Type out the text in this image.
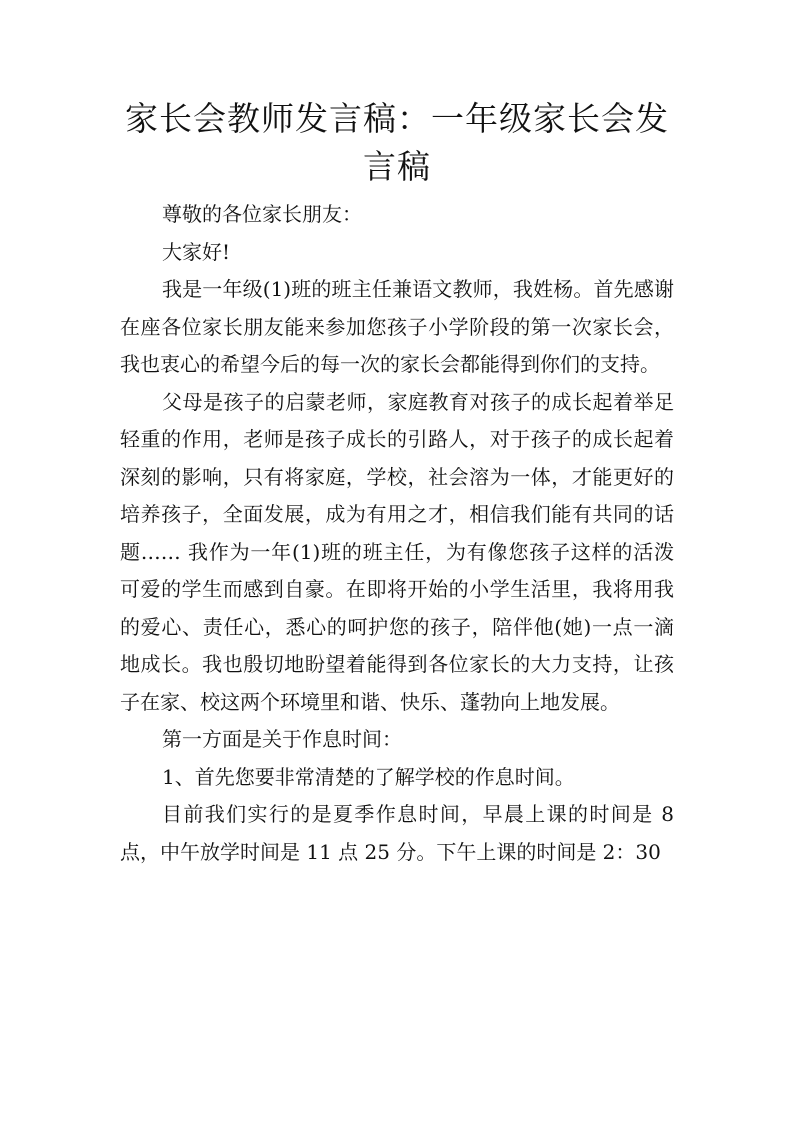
家长会教师发言稿：一年级家长会发言稿

尊敬的各位家长朋友：

大家好!

我是一年级(1)班的班主任兼语文教师，我姓杨。首先感谢在座各位家长朋友能来参加您孩子小学阶段的第一次家长会，我也衷心的希望今后的每一次的家长会都能得到你们的支持。

父母是孩子的启蒙老师，家庭教育对孩子的成长起着举足轻重的作用，老师是孩子成长的引路人，对于孩子的成长起着深刻的影响，只有将家庭，学校，社会溶为一体，才能更好的培养孩子，全面发展，成为有用之才，相信我们能有共同的话题…… 我作为一年(1)班的班主任，为有像您孩子这样的活泼可爱的学生而感到自豪。在即将开始的小学生活里，我将用我的爱心、责任心，悉心的呵护您的孩子，陪伴他(她)一点一滴地成长。我也殷切地盼望着能得到各位家长的大力支持，让孩子在家、校这两个环境里和谐、快乐、蓬勃向上地发展。

第一方面是关于作息时间：

1、首先您要非常清楚的了解学校的作息时间。

目前我们实行的是夏季作息时间，早晨上课的时间是 8 点，中午放学时间是 11 点 25 分。下午上课的时间是 2：30
